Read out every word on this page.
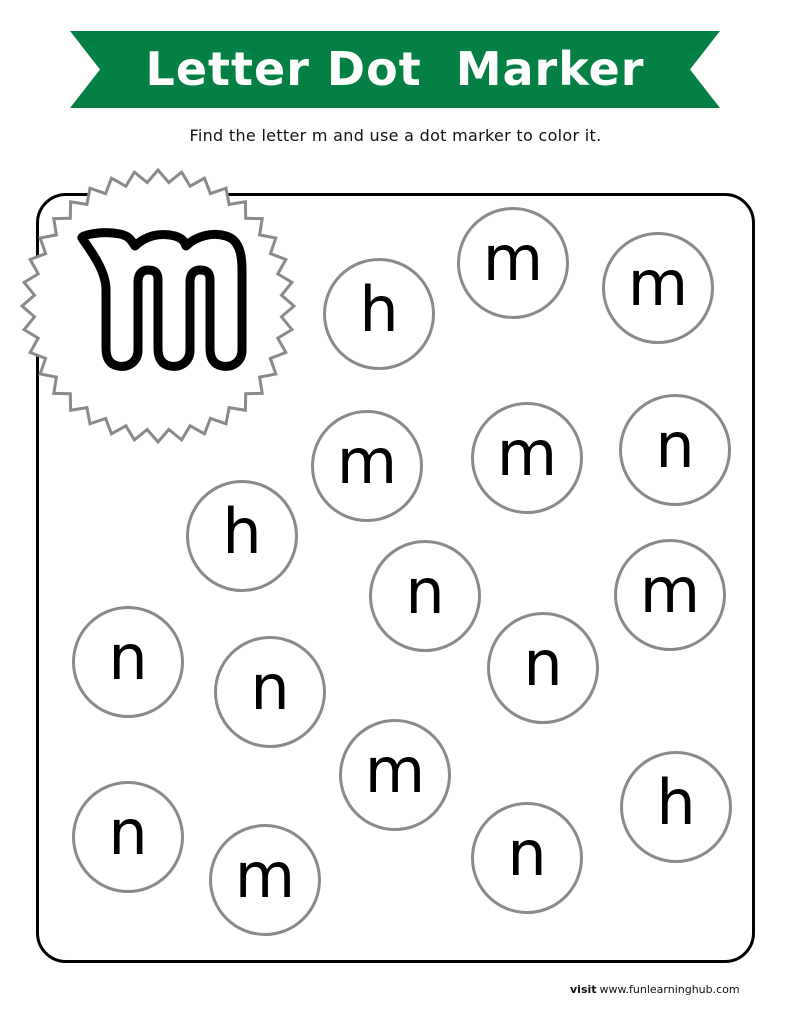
Letter Dot  Marker
Find the letter m and use a dot marker to color it.
h
m m
m m n
h
n	m
n n	n
m	h
n
m	n
visit www.funlearninghub.com
